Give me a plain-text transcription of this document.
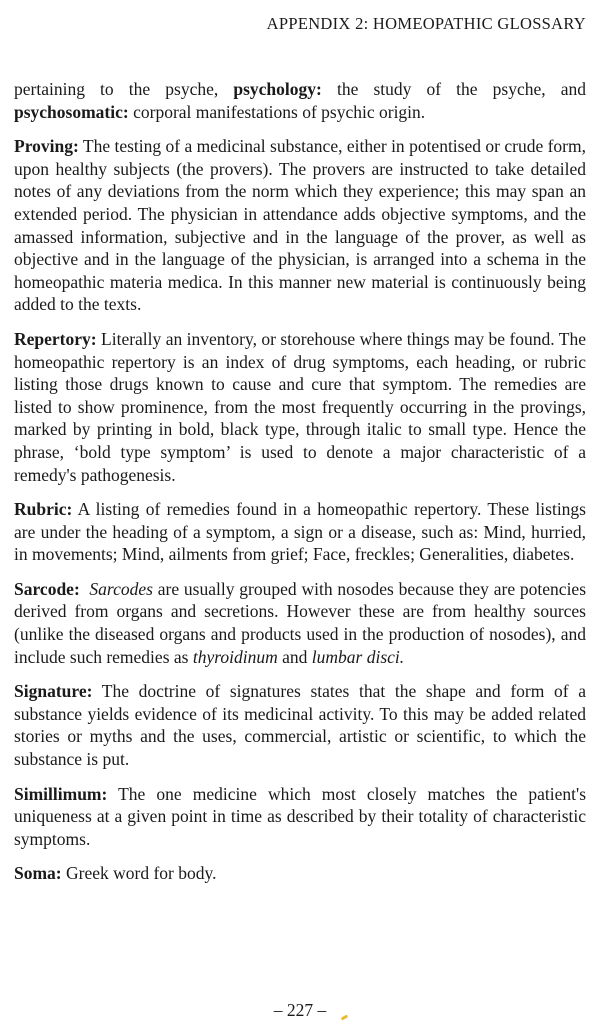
APPENDIX 2: HOMEOPATHIC GLOSSARY

pertaining to the psyche, psychology: the study of the psyche, and psychosomatic: corporal manifestations of psychic origin.

Proving: The testing of a medicinal substance, either in potentised or crude form, upon healthy subjects (the provers). The provers are instructed to take detailed notes of any deviations from the norm which they experience; this may span an extended period. The physician in attendance adds objective symptoms, and the amassed information, subjective and in the language of the prover, as well as objective and in the language of the physician, is arranged into a schema in the homeopathic materia medica. In this manner new material is continuously being added to the texts.

Repertory: Literally an inventory, or storehouse where things may be found. The homeopathic repertory is an index of drug symptoms, each heading, or rubric listing those drugs known to cause and cure that symptom. The remedies are listed to show prominence, from the most frequently occurring in the provings, marked by printing in bold, black type, through italic to small type. Hence the phrase, ‘bold type symptom’ is used to denote a major characteristic of a remedy's pathogenesis.

Rubric: A listing of remedies found in a homeopathic repertory. These listings are under the heading of a symptom, a sign or a disease, such as: Mind, hurried, in movements; Mind, ailments from grief; Face, freckles; Generalities, diabetes.

Sarcode: Sarcodes are usually grouped with nosodes because they are potencies derived from organs and secretions. However these are from healthy sources (unlike the diseased organs and products used in the production of nosodes), and include such remedies as thyroidinum and lumbar disci.

Signature: The doctrine of signatures states that the shape and form of a substance yields evidence of its medicinal activity. To this may be added related stories or myths and the uses, commercial, artistic or scientific, to which the substance is put.

Simillimum: The one medicine which most closely matches the patient's uniqueness at a given point in time as described by their totality of characteristic symptoms.

Soma: Greek word for body.

– 227 –
